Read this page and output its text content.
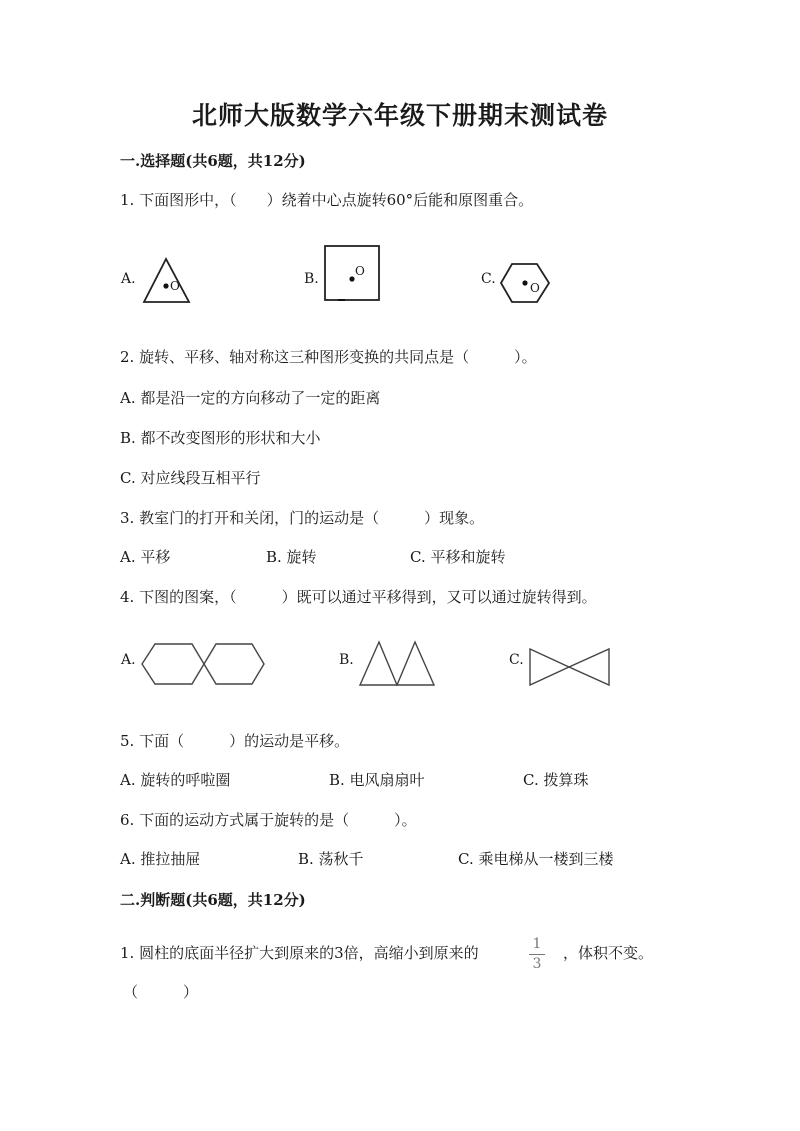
北师大版数学六年级下册期末测试卷
一.选择题(共6题，共12分)
1. 下面图形中，（　　）绕着中心点旋转60°后能和原图重合。
A.	O	B.	O	C.
O
2. 旋转、平移、轴对称这三种图形变换的共同点是（　　　）。
A. 都是沿一定的方向移动了一定的距离
B. 都不改变图形的形状和大小
C. 对应线段互相平行
3. 教室门的打开和关闭，门的运动是（　　　）现象。
A. 平移	B. 旋转	C. 平移和旋转
4. 下图的图案，（　　　）既可以通过平移得到，又可以通过旋转得到。
A.	B.	C.
5. 下面（　　　）的运动是平移。
A. 旋转的呼啦圈	B. 电风扇扇叶	C. 拨算珠
6. 下面的运动方式属于旋转的是（　　　）。
A. 推拉抽屉	B. 荡秋千	C. 乘电梯从一楼到三楼
二.判断题(共6题，共12分)
1. 圆柱的底面半径扩大到原来的3倍，高缩小到原来的	1
3
，体积不变。
（　　　）
